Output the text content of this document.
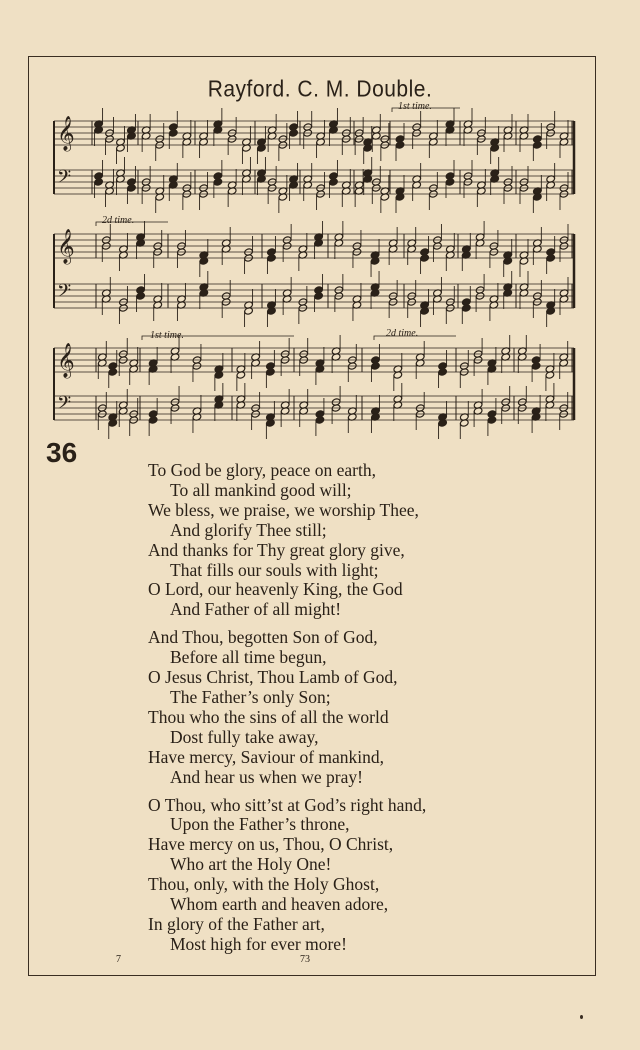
Rayford. C. M. Double.
𝄞
𝄢
𝄞
𝄢
𝄞
𝄢
1st time.
2d time.
1st time.	2d time.
36
To God be glory, peace on earth,
To all mankind good will;
We bless, we praise, we worship Thee,
And glorify Thee still;
And thanks for Thy great glory give,
That fills our souls with light;
O Lord, our heavenly King, the God
And Father of all might!
And Thou, begotten Son of God,
Before all time begun,
O Jesus Christ, Thou Lamb of God,
The Father’s only Son;
Thou who the sins of all the world
Dost fully take away,
Have mercy, Saviour of mankind,
And hear us when we pray!
O Thou, who sitt’st at God’s right hand,
Upon the Father’s throne,
Have mercy on us, Thou, O Christ,
Who art the Holy One!
Thou, only, with the Holy Ghost,
Whom earth and heaven adore,
In glory of the Father art,
Most high for ever more!
7	73
